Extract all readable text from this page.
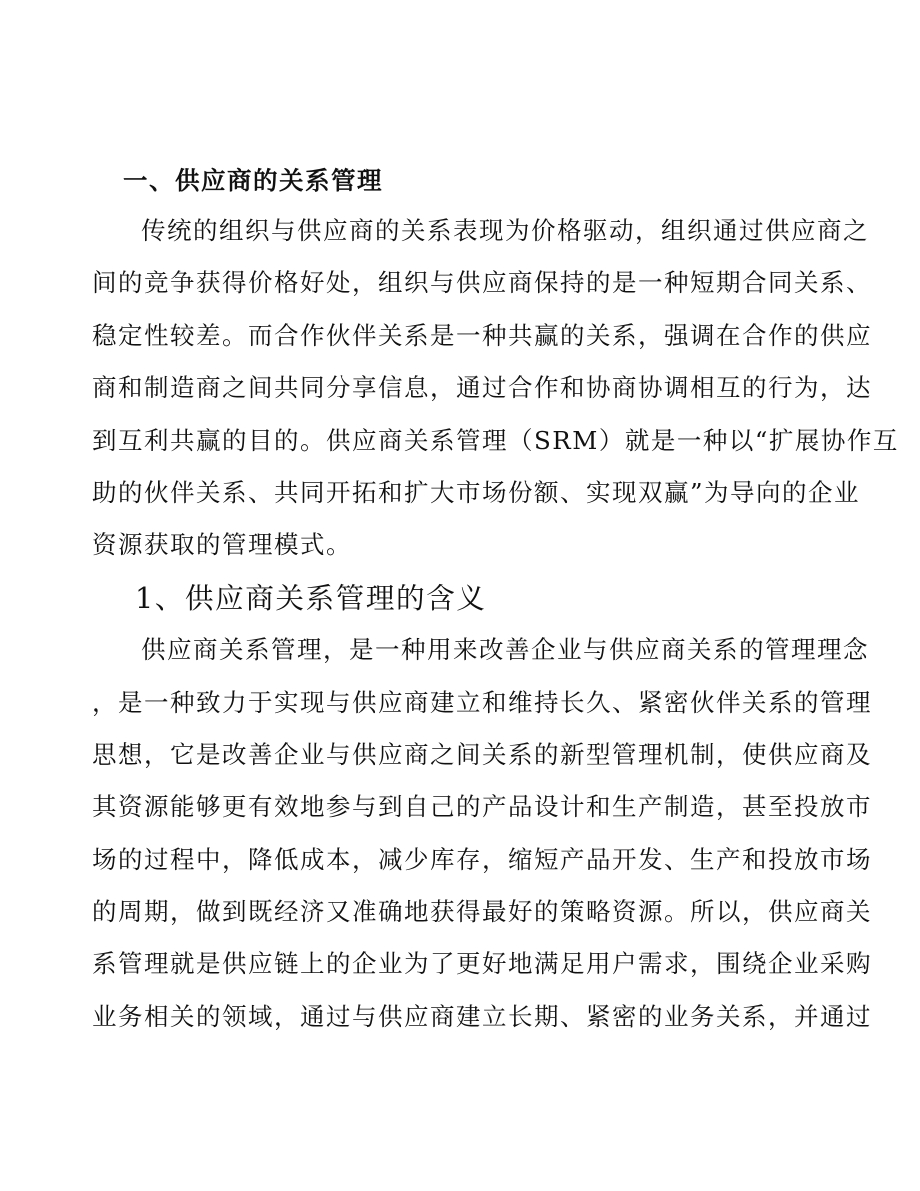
一、供应商的关系管理

传统的组织与供应商的关系表现为价格驱动，组织通过供应商之

间的竞争获得价格好处，组织与供应商保持的是一种短期合同关系、

稳定性较差。而合作伙伴关系是一种共赢的关系，强调在合作的供应

商和制造商之间共同分享信息，通过合作和协商协调相互的行为，达

到互利共赢的目的。供应商关系管理（SRM）就是一种以“扩展协作互

助的伙伴关系、共同开拓和扩大市场份额、实现双赢”为导向的企业

资源获取的管理模式。

1、供应商关系管理的含义

供应商关系管理，是一种用来改善企业与供应商关系的管理理念

，是一种致力于实现与供应商建立和维持长久、紧密伙伴关系的管理

思想，它是改善企业与供应商之间关系的新型管理机制，使供应商及

其资源能够更有效地参与到自己的产品设计和生产制造，甚至投放市

场的过程中，降低成本，减少库存，缩短产品开发、生产和投放市场

的周期，做到既经济又准确地获得最好的策略资源。所以，供应商关

系管理就是供应链上的企业为了更好地满足用户需求，围绕企业采购

业务相关的领域，通过与供应商建立长期、紧密的业务关系，并通过
